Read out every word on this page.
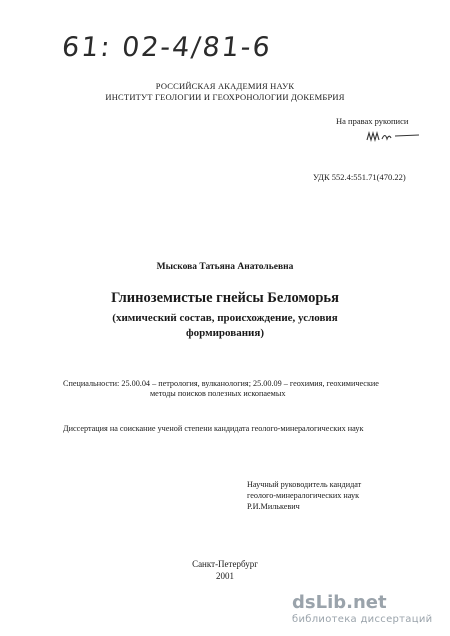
61: 02-4/81-6
РОССИЙСКАЯ АКАДЕМИЯ НАУК
ИНСТИТУТ ГЕОЛОГИИ И ГЕОХРОНОЛОГИИ ДОКЕМБРИЯ
На правах рукописи
УДК 552.4:551.71(470.22)
Мыскова Татьяна Анатольевна
Глиноземистые гнейсы Беломорья
(химический состав, происхождение, условия
формирования)
Специальности: 25.00.04 – петрология, вулканология; 25.00.09 – геохимия, геохимические
методы поисков полезных ископаемых
Диссертация на соискание ученой степени кандидата геолого-минералогических наук
Научный руководитель кандидат
геолого-минералогических наук
Р.И.Милькевич
Санкт-Петербург
2001
dsLib.net
библиотека диссертаций
